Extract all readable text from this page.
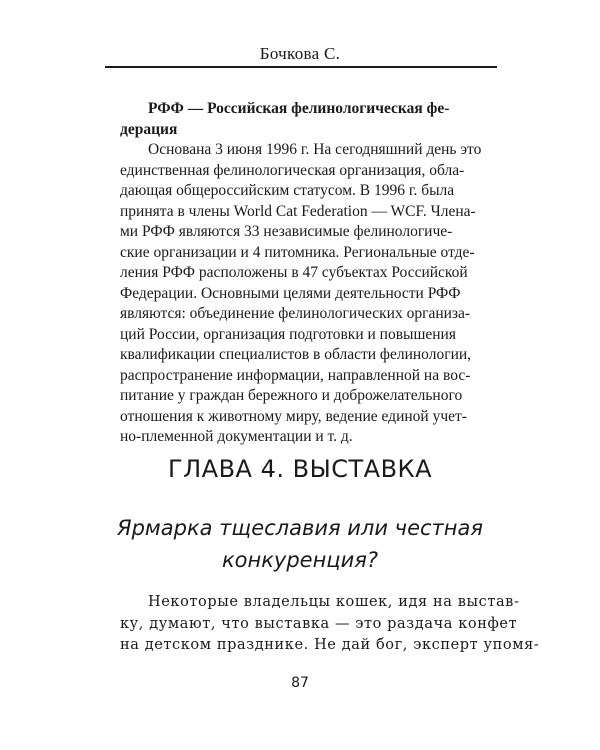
Бочкова С.
РФФ — Российская фелинологическая фе-
дерация
Основана 3 июня 1996 г. На сегодняшний день это
единственная фелинологическая организация, обла-
дающая общероссийским статусом. В 1996 г. была
принята в члены World Cat Federation — WCF. Члена-
ми РФФ являются 33 независимые фелинологиче-
ские организации и 4 питомника. Региональные отде-
ления РФФ расположены в 47 субъектах Российской
Федерации. Основными целями деятельности РФФ
являются: объединение фелинологических организа-
ций России, организация подготовки и повышения
квалификации специалистов в области фелинологии,
распространение информации, направленной на вос-
питание у граждан бережного и доброжелательного
отношения к животному миру, ведение единой учет-
но-племенной документации и т. д.
ГЛАВА 4. ВЫСТАВКА
Ярмарка тщеславия или честная
конкуренция?
Некоторые владельцы кошек, идя на выстав-
ку, думают, что выставка — это раздача конфет
на детском празднике. Не дай бог, эксперт упомя-
87
